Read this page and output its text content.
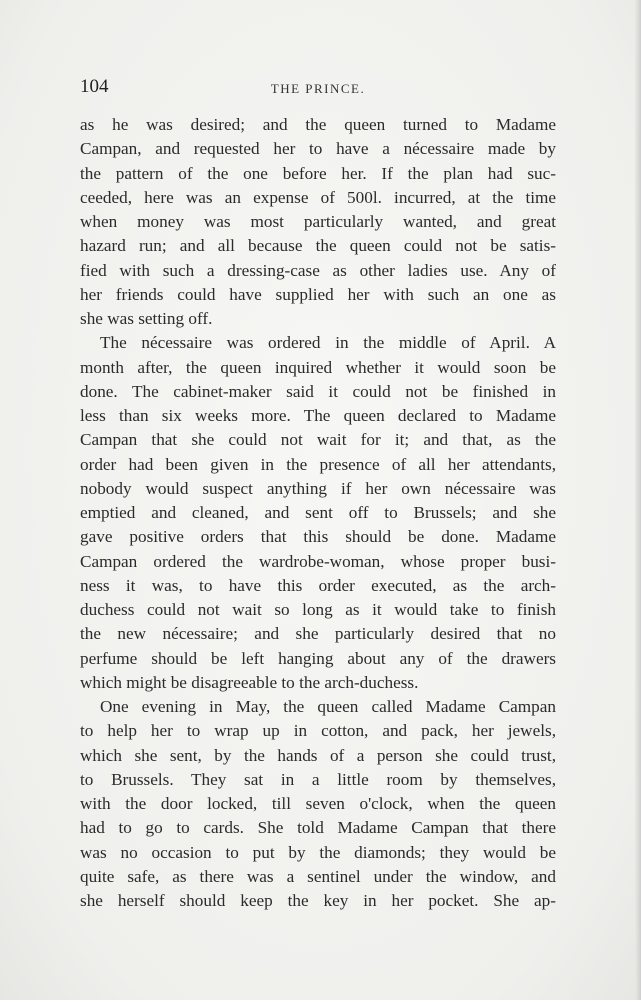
104	THE PRINCE.
as he was desired; and the queen turned to Madame
Campan, and requested her to have a nécessaire made by
the pattern of the one before her. If the plan had suc-
ceeded, here was an expense of 500l. incurred, at the time
when money was most particularly wanted, and great
hazard run; and all because the queen could not be satis-
fied with such a dressing-case as other ladies use. Any of
her friends could have supplied her with such an one as
she was setting off.
The nécessaire was ordered in the middle of April. A
month after, the queen inquired whether it would soon be
done. The cabinet-maker said it could not be finished in
less than six weeks more. The queen declared to Madame
Campan that she could not wait for it; and that, as the
order had been given in the presence of all her attendants,
nobody would suspect anything if her own nécessaire was
emptied and cleaned, and sent off to Brussels; and she
gave positive orders that this should be done. Madame
Campan ordered the wardrobe-woman, whose proper busi-
ness it was, to have this order executed, as the arch-
duchess could not wait so long as it would take to finish
the new nécessaire; and she particularly desired that no
perfume should be left hanging about any of the drawers
which might be disagreeable to the arch-duchess.
One evening in May, the queen called Madame Campan
to help her to wrap up in cotton, and pack, her jewels,
which she sent, by the hands of a person she could trust,
to Brussels. They sat in a little room by themselves,
with the door locked, till seven o'clock, when the queen
had to go to cards. She told Madame Campan that there
was no occasion to put by the diamonds; they would be
quite safe, as there was a sentinel under the window, and
she herself should keep the key in her pocket. She ap-
